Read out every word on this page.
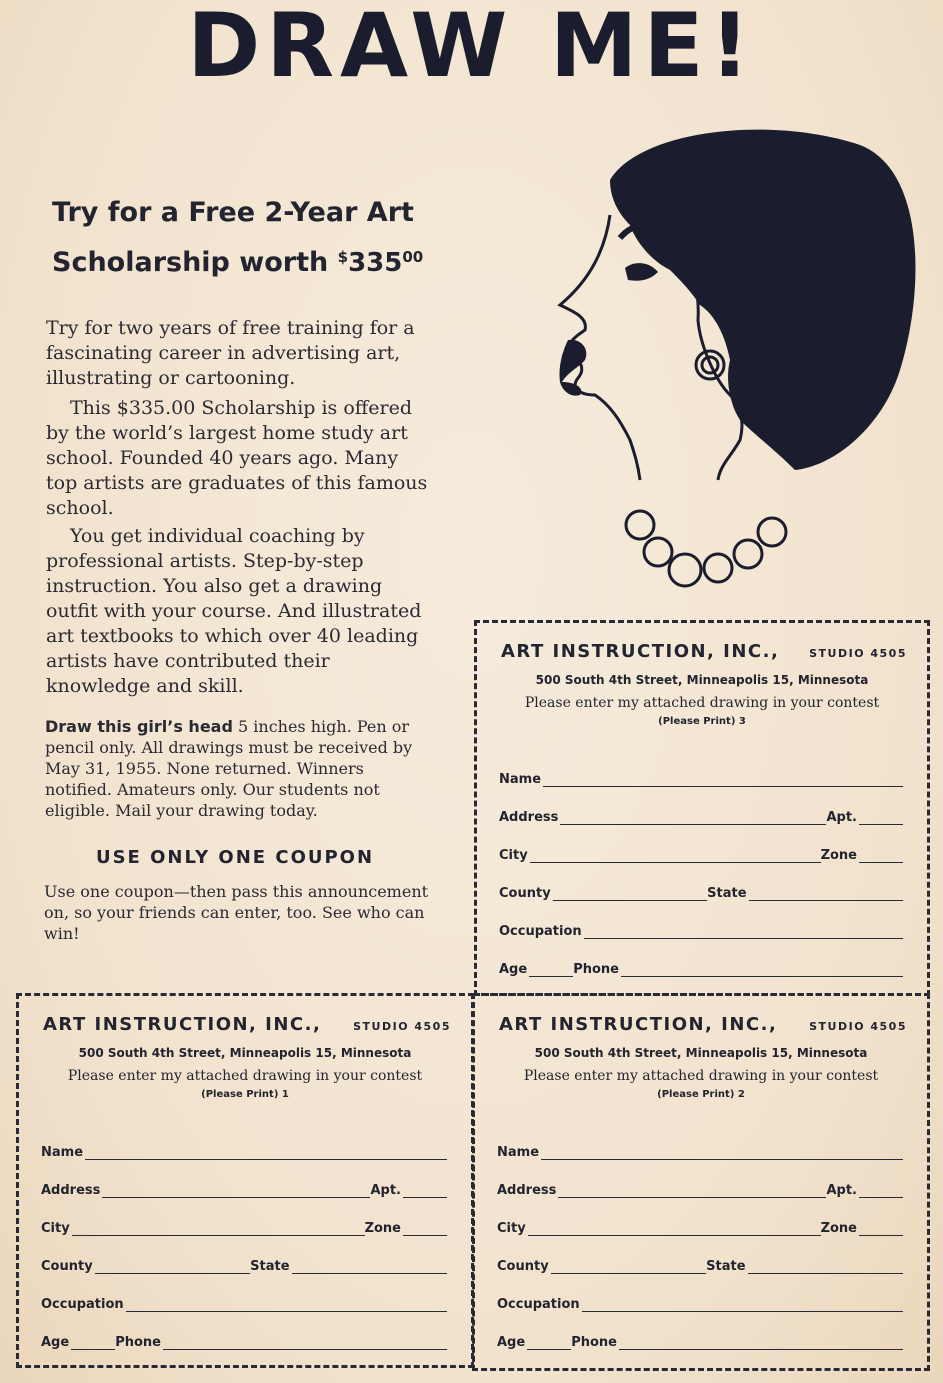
DRAW ME!
Try for a Free 2-Year Art
Scholarship worth $^{\$}335^{00}$

Try for two years of free training for a fascinating career in advertising art, illustrating or cartooning.

This $335.00 Scholarship is offered by the world’s largest home study art school. Founded 40 years ago. Many top artists are graduates of this famous school.

You get individual coaching by professional artists. Step-by-step instruction. You also get a drawing outfit with your course. And illustrated art textbooks to which over 40 leading artists have contributed their knowledge and skill.

Draw this girl’s head 5 inches high. Pen or pencil only. All drawings must be received by May 31, 1955. None returned. Winners notified. Amateurs only. Our students not eligible. Mail your drawing today.

USE ONLY ONE COUPON

Use one coupon—then pass this announcement on, so your friends can enter, too. See who can win!

ART INSTRUCTION, INC.,	STUDIO 4505
500 South 4th Street, Minneapolis 15, Minnesota
Please enter my attached drawing in your contest
(Please Print) 3
Name
Address	Apt.
City	Zone
County	State
Occupation
Age	Phone
ART INSTRUCTION, INC.,	STUDIO 4505
500 South 4th Street, Minneapolis 15, Minnesota
Please enter my attached drawing in your contest
(Please Print) 1
Name
Address	Apt.
City	Zone
County	State
Occupation
Age	Phone
ART INSTRUCTION, INC.,	STUDIO 4505
500 South 4th Street, Minneapolis 15, Minnesota
Please enter my attached drawing in your contest
(Please Print) 2
Name
Address	Apt.
City	Zone
County	State
Occupation
Age	Phone
